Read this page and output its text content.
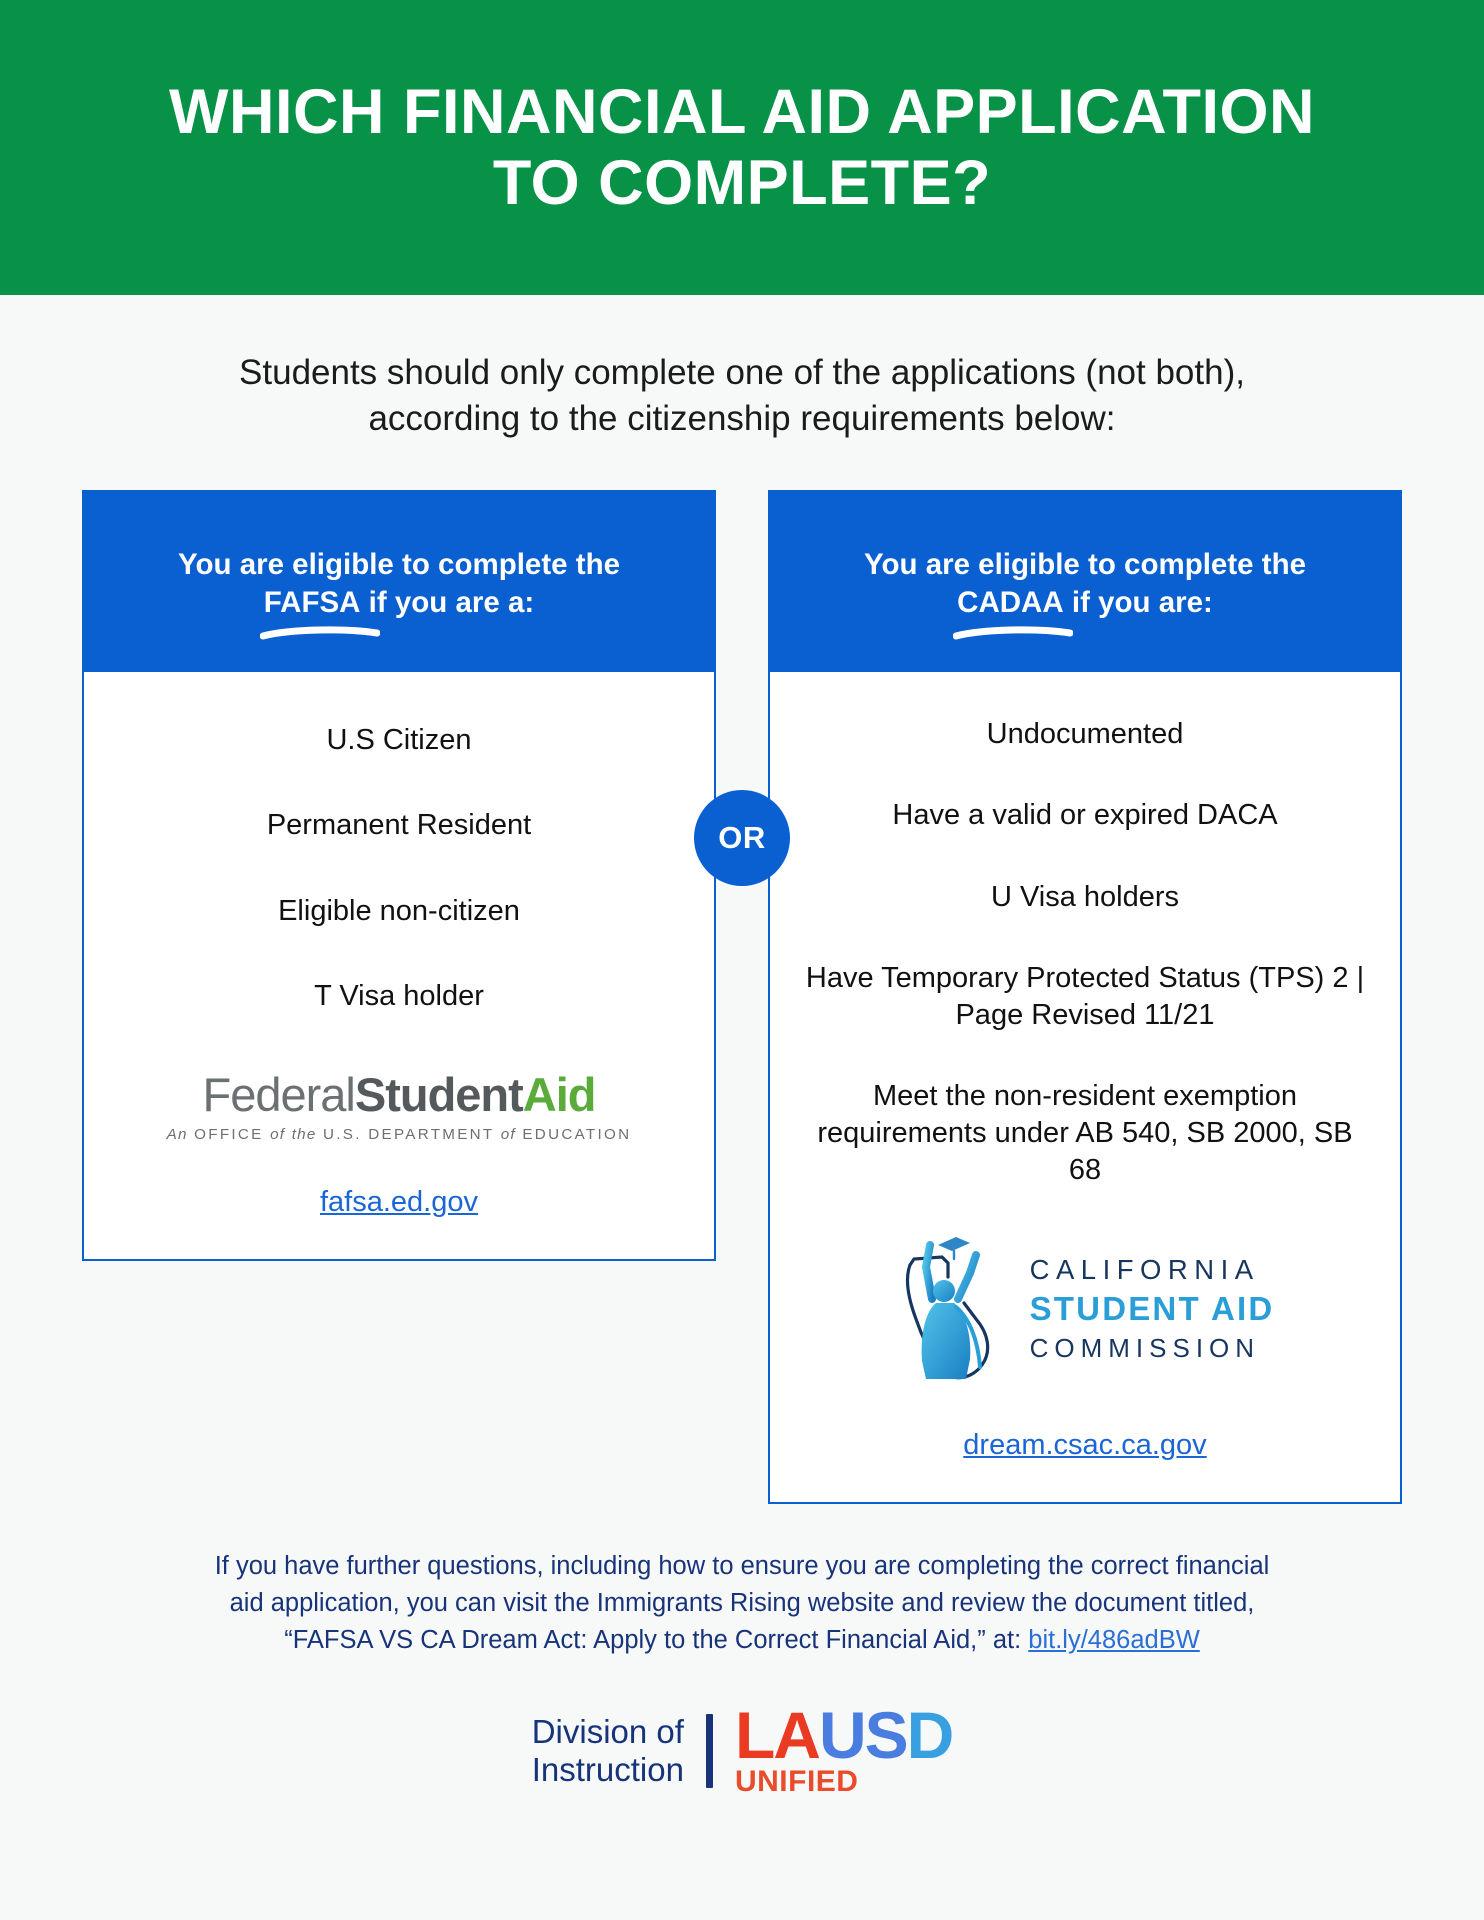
WHICH FINANCIAL AID APPLICATION
TO COMPLETE?
Students should only complete one of the applications (not both),
according to the citizenship requirements below:
OR
You are eligible to complete the
FAFSA if you are a:
U.S Citizen
Permanent Resident
Eligible non-citizen
T Visa holder
FederalStudentAid
An OFFICE of the U.S. DEPARTMENT of EDUCATION
fafsa.ed.gov
You are eligible to complete the
CADAA if you are:
Undocumented
Have a valid or expired DACA
U Visa holders
Have Temporary Protected Status (TPS) 2 | Page Revised 11/21
Meet the non-resident exemption requirements under AB 540, SB 2000, SB 68
CALIFORNIA
STUDENT AID
COMMISSION
dream.csac.ca.gov
If you have further questions, including how to ensure you are completing the correct financial
aid application, you can visit the Immigrants Rising website and review the document titled,
“FAFSA VS CA Dream Act: Apply to the Correct Financial Aid,” at: bit.ly/486adBW
Division of
Instruction LAUSD
UNIFIED
